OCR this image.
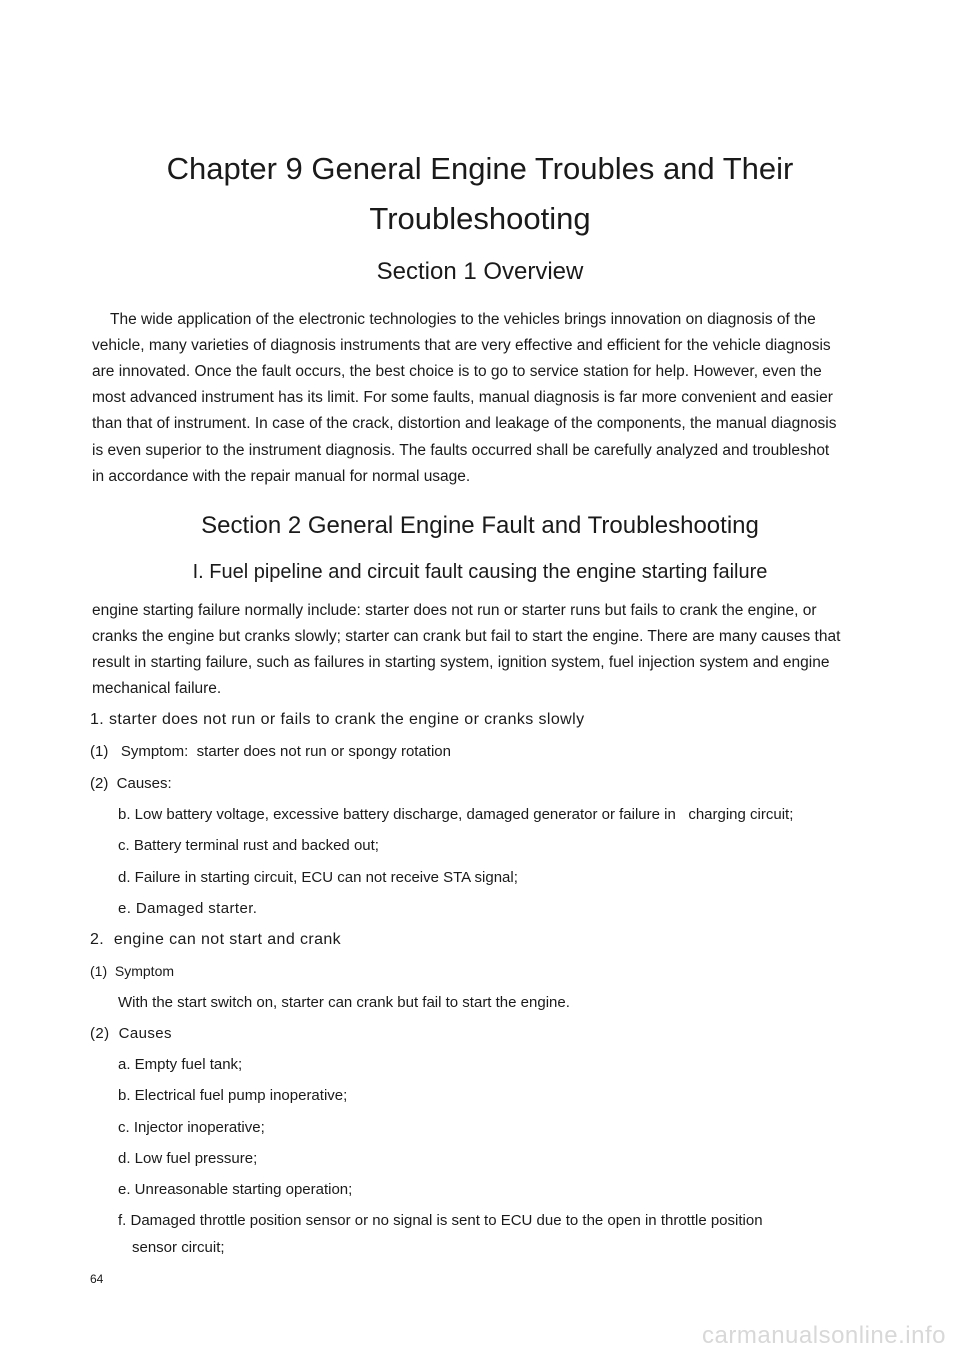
Chapter 9 General Engine Troubles and Their
Troubleshooting
Section 1 Overview
The wide application of the electronic technologies to the vehicles brings innovation on diagnosis of the
vehicle, many varieties of diagnosis instruments that are very effective and efficient for the vehicle diagnosis
are innovated. Once the fault occurs, the best choice is to go to service station for help. However, even the
most advanced instrument has its limit. For some faults, manual diagnosis is far more convenient and easier
than that of instrument. In case of the crack, distortion and leakage of the components, the manual diagnosis
is even superior to the instrument diagnosis. The faults occurred shall be carefully analyzed and troubleshot
in accordance with the repair manual for normal usage.
Section 2 General Engine Fault and Troubleshooting
I. Fuel pipeline and circuit fault causing the engine starting failure
engine starting failure normally include: starter does not run or starter runs but fails to crank the engine, or
cranks the engine but cranks slowly; starter can crank but fail to start the engine. There are many causes that
result in starting failure, such as failures in starting system, ignition system, fuel injection system and engine
mechanical failure.
1. starter does not run or fails to crank the engine or cranks slowly
(1)   Symptom:  starter does not run or spongy rotation
(2)  Causes:
b. Low battery voltage, excessive battery discharge, damaged generator or failure in   charging circuit;
c. Battery terminal rust and backed out;
d. Failure in starting circuit, ECU can not receive STA signal;
e. Damaged starter.
2.  engine can not start and crank
(1)  Symptom
With the start switch on, starter can crank but fail to start the engine.
(2)  Causes
a. Empty fuel tank;
b. Electrical fuel pump inoperative;
c. Injector inoperative;
d. Low fuel pressure;
e. Unreasonable starting operation;
f. Damaged throttle position sensor or no signal is sent to ECU due to the open in throttle position
sensor circuit;
64
carmanualsonline.info
